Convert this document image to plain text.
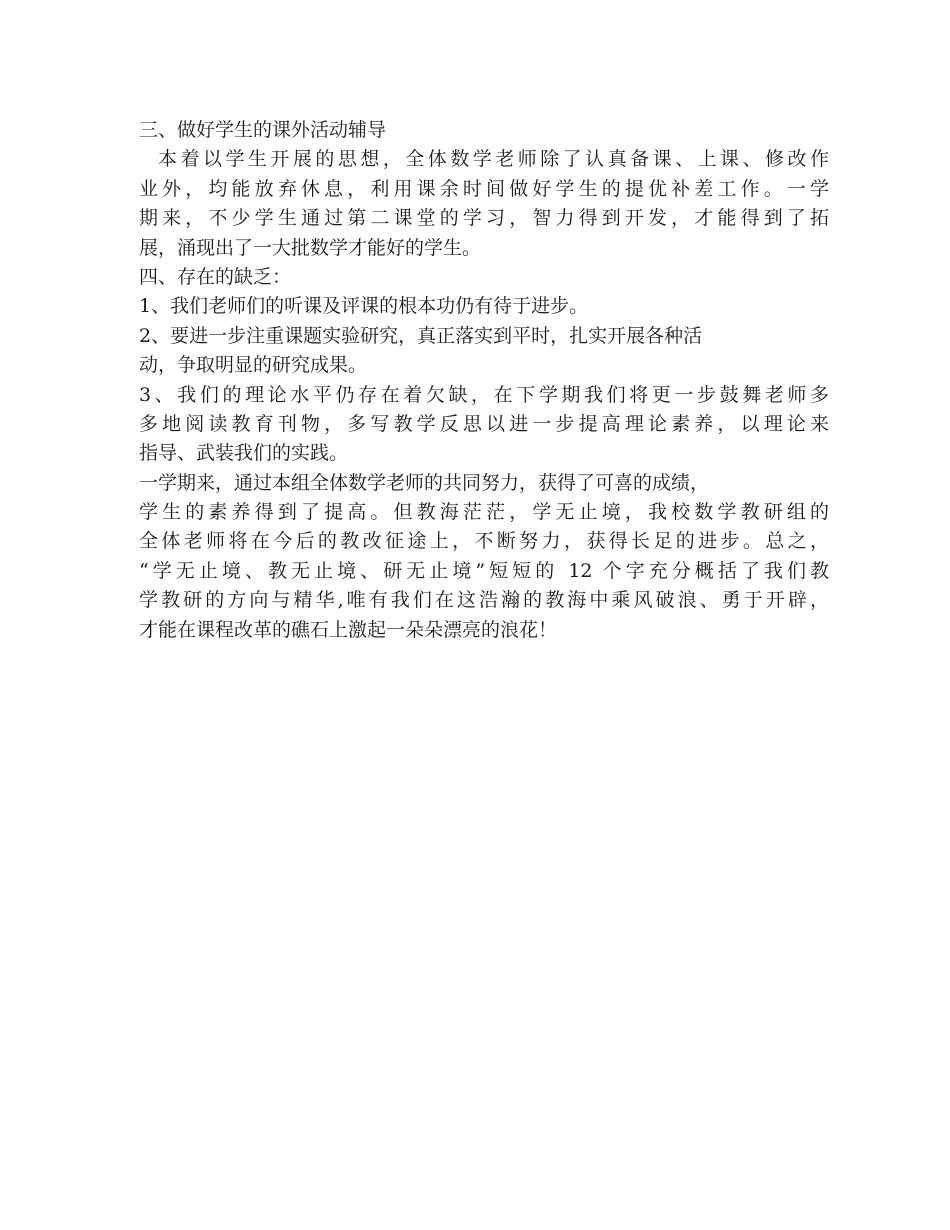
三、做好学生的课外活动辅导
本着以学生开展的思想，全体数学老师除了认真备课、上课、修改作
业外，均能放弃休息，利用课余时间做好学生的提优补差工作。一学
期来，不少学生通过第二课堂的学习，智力得到开发，才能得到了拓
展，涌现出了一大批数学才能好的学生。
四、存在的缺乏：
1、我们老师们的听课及评课的根本功仍有待于进步。
2、要进一步注重课题实验研究，真正落实到平时，扎实开展各种活
动，争取明显的研究成果。
3、我们的理论水平仍存在着欠缺，在下学期我们将更一步鼓舞老师多
多地阅读教育刊物，多写教学反思以进一步提高理论素养，以理论来
指导、武装我们的实践。
一学期来，通过本组全体数学老师的共同努力，获得了可喜的成绩，
学生的素养得到了提高。但教海茫茫，学无止境，我校数学教研组的
全体老师将在今后的教改征途上，不断努力，获得长足的进步。总之，
“学无止境、教无止境、研无止境”短短的 12 个字充分概括了我们教
学教研的方向与精华,唯有我们在这浩瀚的教海中乘风破浪、勇于开辟，
才能在课程改革的礁石上激起一朵朵漂亮的浪花！
